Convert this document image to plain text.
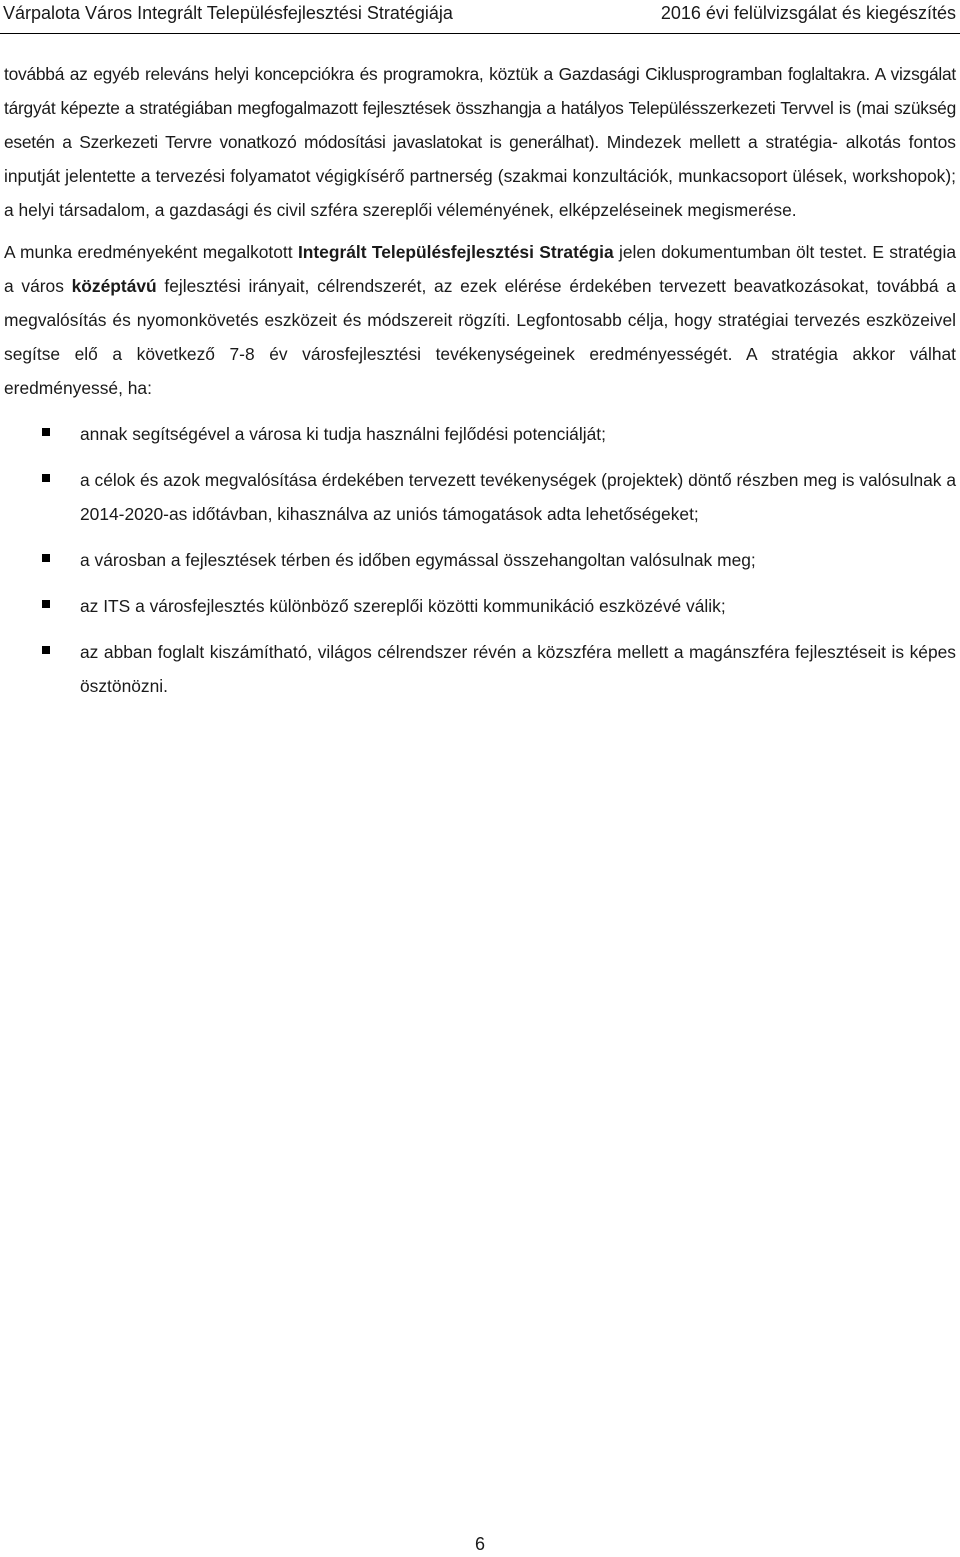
Várpalota Város Integrált Településfejlesztési Stratégiája	2016 évi felülvizsgálat és kiegészítés

továbbá az egyéb releváns helyi koncepciókra és programokra, köztük a Gazdasági Ciklusprogramban foglaltakra. A vizsgálat tárgyát képezte a stratégiában megfogalmazott fejlesztések összhangja a hatályos Településszerkezeti Tervvel is (mai szükség esetén a Szerkezeti Tervre vonatkozó módosítási javaslatokat is generálhat). Mindezek mellett a stratégia- alkotás fontos inputját jelentette a tervezési folyamatot végigkísérő partnerség (szakmai konzultációk, munkacsoport ülések, workshopok); a helyi társadalom, a gazdasági és civil szféra szereplői véleményének, elképzeléseinek megismerése.

A munka eredményeként megalkotott Integrált Településfejlesztési Stratégia jelen dokumentumban ölt testet. E stratégia a város középtávú fejlesztési irányait, célrendszerét, az ezek elérése érdekében tervezett beavatkozásokat, továbbá a megvalósítás és nyomonkövetés eszközeit és módszereit rögzíti. Legfontosabb célja, hogy stratégiai tervezés eszközeivel segítse elő a következő 7-8 év városfejlesztési tevékenységeinek eredményességét. A stratégia akkor válhat eredményessé, ha:

annak segítségével a városa ki tudja használni fejlődési potenciálját;
a célok és azok megvalósítása érdekében tervezett tevékenységek (projektek) döntő részben meg is valósulnak a 2014-2020-as időtávban, kihasználva az uniós támogatások adta lehetőségeket;
a városban a fejlesztések térben és időben egymással összehangoltan valósulnak meg;
az ITS a városfejlesztés különböző szereplői közötti kommunikáció eszközévé válik;
az abban foglalt kiszámítható, világos célrendszer révén a közszféra mellett a magánszféra fejlesztéseit is képes ösztönözni.
6
